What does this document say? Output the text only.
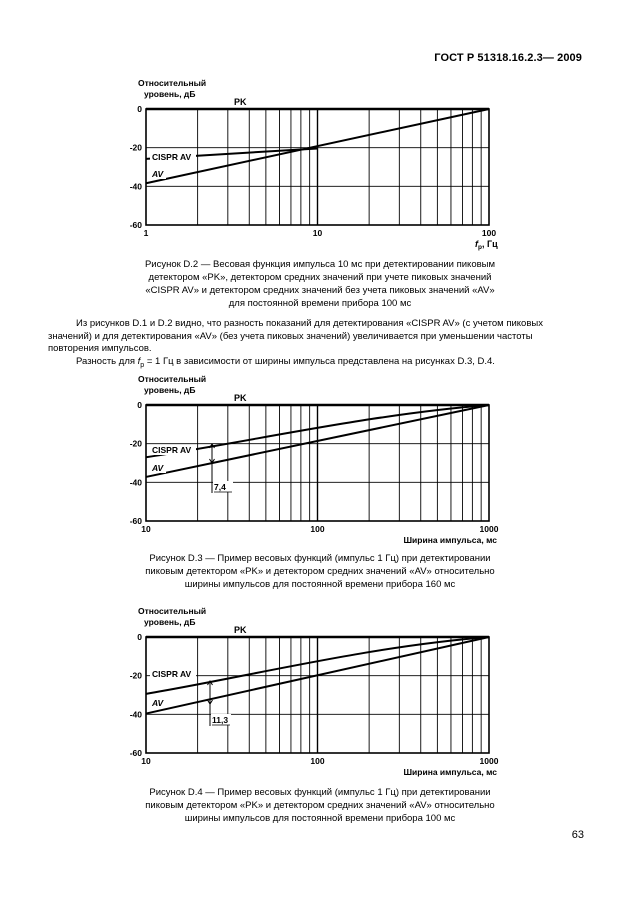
ГОСТ Р 51318.16.2.3— 2009
Относительный
уровень, дБ
0
-20
-40
-60
1	10	100
$f_p$, Гц
PK
CISPR AV
AV
Рисунок D.2 — Весовая функция импульса 10 мс при детектировании пиковым
детектором «PK», детектором средних значений при учете пиковых значений
«CISPR AV» и детектором средних значений без учета пиковых значений «AV»
для постоянной времени прибора 100 мс
Из рисунков D.1 и D.2 видно, что разность показаний для детектирования «CISPR AV» (с учетом пиковых
значений) и для детектирования «AV» (без учета пиковых значений) увеличивается при уменьшении частоты
повторения импульсов.
Разность для $f_p = 1$ Гц в зависимости от ширины импульса представлена на рисунках D.3, D.4.
Относительный
уровень, дБ
0
-20
-40
-60
10	100	1000
Ширина импульса, мс
PK
CISPR AV
AV
7,4
Рисунок D.3 — Пример весовых функций (импульс 1 Гц) при детектировании
пиковым детектором «PK» и детектором средних значений «AV» относительно
ширины импульсов для постоянной времени прибора 160 мс
Относительный
уровень, дБ
0
-20
-40
-60
10	100	1000
Ширина импульса, мс
PK
CISPR AV
AV
11,3
Рисунок D.4 — Пример весовых функций (импульс 1 Гц) при детектировании
пиковым детектором «PK» и детектором средних значений «AV» относительно
ширины импульсов для постоянной времени прибора 100 мс
63
